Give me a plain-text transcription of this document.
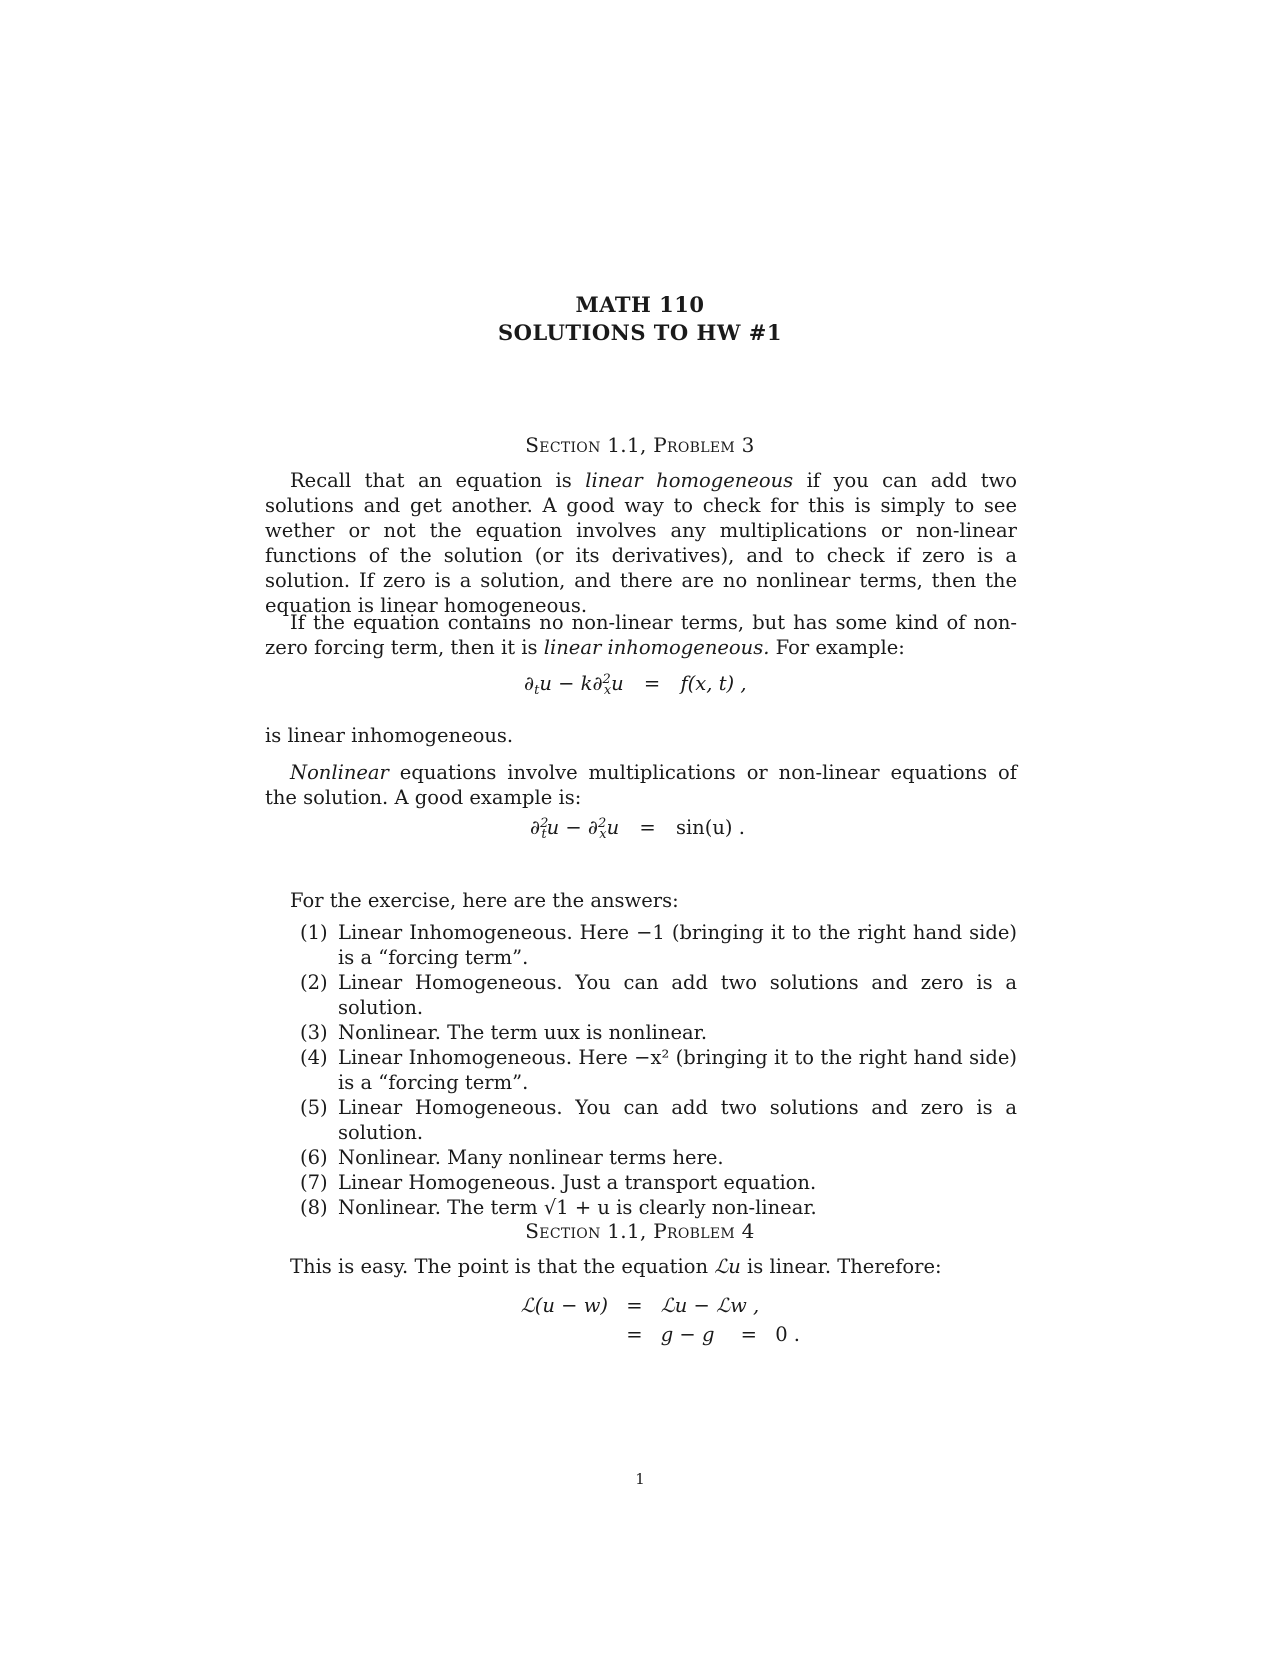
MATH 110
SOLUTIONS TO HW #1
Section 1.1, Problem 3
Recall that an equation is linear homogeneous if you can add two solutions and get another. A good way to check for this is simply to see wether or not the equation involves any multiplications or non-linear functions of the solution (or its derivatives), and to check if zero is a solution. If zero is a solution, and there are no nonlinear terms, then the equation is linear homogeneous.
If the equation contains no non-linear terms, but has some kind of non-zero forcing term, then it is linear inhomogeneous. For example:
$\partial_tu - k\partial^2_xu = f(x$, t) ,
is linear inhomogeneous.
Nonlinear equations involve multiplications or non-linear equations of the solution. A good example is:
∂$^2_t$u − ∂$^2_x$u = sin(u) .
For the exercise, here are the answers:
(1) Linear Inhomogeneous. Here −1 (bringing it to the right hand side) is a “forcing term”.
(2) Linear Homogeneous. You can add two solutions and zero is a solution.
(3) Nonlinear. The term uux is nonlinear.
(4) Linear Inhomogeneous. Here −x² (bringing it to the right hand side) is a “forcing term”.
(5) Linear Homogeneous. You can add two solutions and zero is a solution.
(6) Nonlinear. Many nonlinear terms here.
(7) Linear Homogeneous. Just a transport equation.
(8) Nonlinear. The term √1 + u is clearly non-linear.
Section 1.1, Problem 4
This is easy. The point is that the equation ℒu is linear. Therefore:
ℒ(u − w) = ℒu − ℒw ,
= g − g = 0 .
1
